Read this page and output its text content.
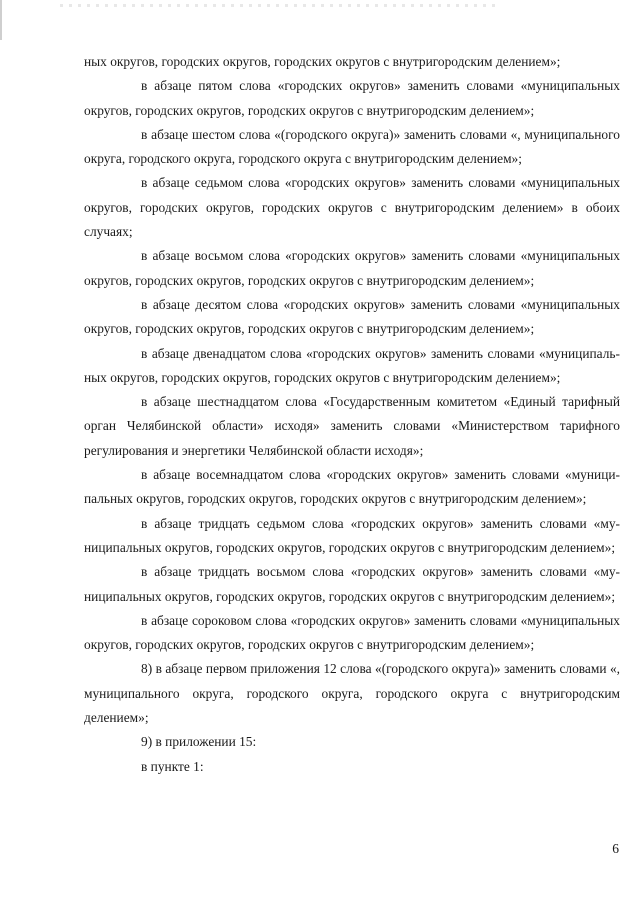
ных округов, городских округов, городских округов с внутригородским делением»;

в абзаце пятом слова «городских округов» заменить словами «муниципальных округов, городских округов, городских округов с внутригородским делением»;

в абзаце шестом слова «(городского округа)» заменить словами «, муниципального округа, городского округа, городского округа с внутригородским делением»;

в абзаце седьмом слова «городских округов» заменить словами «муниципальных округов, городских округов, городских округов с внутригородским делением» в обоих случаях;

в абзаце восьмом слова «городских округов» заменить словами «муниципальных округов, городских округов, городских округов с внутригородским делением»;

в абзаце десятом слова «городских округов» заменить словами «муниципальных округов, городских округов, городских округов с внутригородским делением»;

в абзаце двенадцатом слова «городских округов» заменить словами «муниципальных округов, городских округов, городских округов с внутригородским делением»;

в абзаце шестнадцатом слова «Государственным комитетом «Единый тарифный орган Челябинской области» исходя» заменить словами «Министерством тарифного регулирования и энергетики Челябинской области исходя»;

в абзаце восемнадцатом слова «городских округов» заменить словами «муниципальных округов, городских округов, городских округов с внутригородским делением»;

в абзаце тридцать седьмом слова «городских округов» заменить словами «муниципальных округов, городских округов, городских округов с внутригородским делением»;

в абзаце тридцать восьмом слова «городских округов» заменить словами «муниципальных округов, городских округов, городских округов с внутригородским делением»;

в абзаце сороковом слова «городских округов» заменить словами «муниципальных округов, городских округов, городских округов с внутригородским делением»;

8) в абзаце первом приложения 12 слова «(городского округа)» заменить словами «, муниципального округа, городского округа, городского округа с внутригородским делением»;

9) в приложении 15:

в пункте 1:

6
